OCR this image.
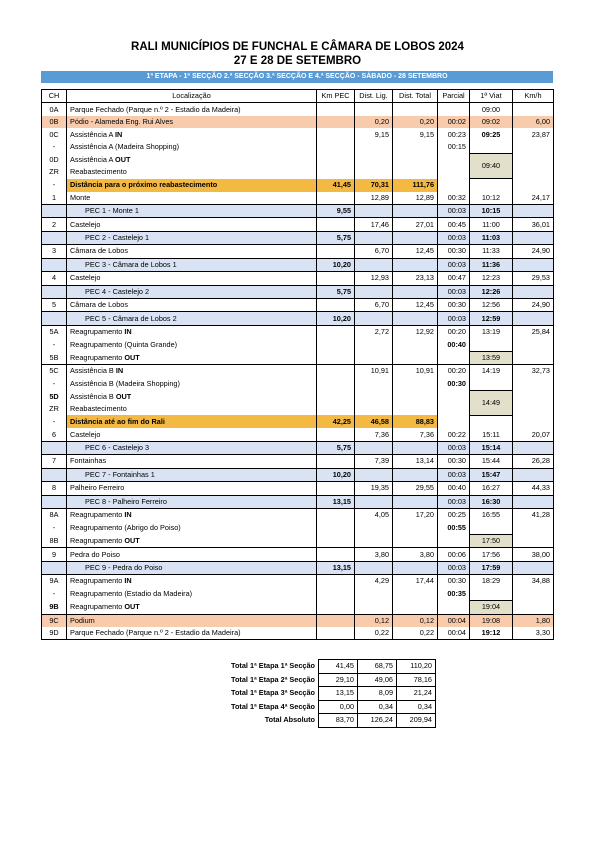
RALI MUNICÍPIOS DE FUNCHAL E CÂMARA DE LOBOS 2024
27 E 28 DE SETEMBRO
1ª ETAPA - 1ª SECÇÃO 2.ª SECÇÃO 3.ª SECÇÃO E 4.ª SECÇÃO - SÁBADO - 28 SETEMBRO
CH	Localização	Km PEC	Dist. Lig.	Dist. Total	Parcial	1ª Viat	Km/h
0A	Parque Fechado (Parque n.º 2 - Estadio da Madeira)					09:00	
0B	Pódio - Alameda Eng. Rui Alves		0,20	0,20	00:02	09:02	6,00
0C	Assistência A IN		9,15	9,15	00:23	09:25	23,87
-	Assistência A (Madeira Shopping)				00:15		
0D	Assistência A OUT					09:40	
ZR	Reabastecimento						
-	Distância para o próximo reabastecimento	41,45	70,31	111,76			
1	Monte		12,89	12,89	00:32	10:12	24,17
	PEC 1 - Monte 1	9,55			00:03	10:15	
2	Castelejo		17,46	27,01	00:45	11:00	36,01
	PEC 2 - Castelejo 1	5,75			00:03	11:03	
3	Câmara de Lobos		6,70	12,45	00:30	11:33	24,90
	PEC 3 - Câmara de Lobos 1	10,20			00:03	11:36	
4	Castelejo		12,93	23,13	00:47	12:23	29,53
	PEC 4 - Castelejo 2	5,75			00:03	12:26	
5	Câmara de Lobos		6,70	12,45	00:30	12:56	24,90
	PEC 5 - Câmara de Lobos 2	10,20			00:03	12:59	
5A	Reagrupamento IN		2,72	12,92	00:20	13:19	25,84
-	Reagrupamento (Quinta Grande)				00:40		
5B	Reagrupamento OUT					13:59	
5C	Assistência B IN		10,91	10,91	00:20	14:19	32,73
-	Assistência B (Madeira Shopping)				00:30		
5D	Assistência B OUT					14:49	
ZR	Reabastecimento						
-	Distância até ao fim do Rali	42,25	46,58	88,83			
6	Castelejo		7,36	7,36	00:22	15:11	20,07
	PEC 6 - Castelejo 3	5,75			00:03	15:14	
7	Fontainhas		7,39	13,14	00:30	15:44	26,28
	PEC 7 - Fontainhas 1	10,20			00:03	15:47	
8	Palheiro Ferreiro		19,35	29,55	00:40	16:27	44,33
	PEC 8 - Palheiro Ferreiro	13,15			00:03	16:30	
8A	Reagrupamento IN		4,05	17,20	00:25	16:55	41,28
-	Reagrupamento (Abrigo do Poiso)				00:55		
8B	Reagrupamento OUT					17:50	
9	Pedra do Poiso		3,80	3,80	00:06	17:56	38,00
	PEC 9 - Pedra do Poiso	13,15			00:03	17:59	
9A	Reagrupamento IN		4,29	17,44	00:30	18:29	34,88
-	Reagrupamento (Estadio da Madeira)				00:35		
9B	Reagrupamento OUT					19:04	
9C	Podium		0,12	0,12	00:04	19:08	1,80
9D	Parque Fechado (Parque n.º 2 - Estadio da Madeira)		0,22	0,22	00:04	19:12	3,30
Total 1ª Etapa 1ª Secção	41,45	68,75	110,20
Total 1ª Etapa 2ª Secção	29,10	49,06	78,16
Total 1ª Etapa 3ª Secção	13,15	8,09	21,24
Total 1ª Etapa 4ª Secção	0,00	0,34	0,34
Total Absoluto	83,70	126,24	209,94
